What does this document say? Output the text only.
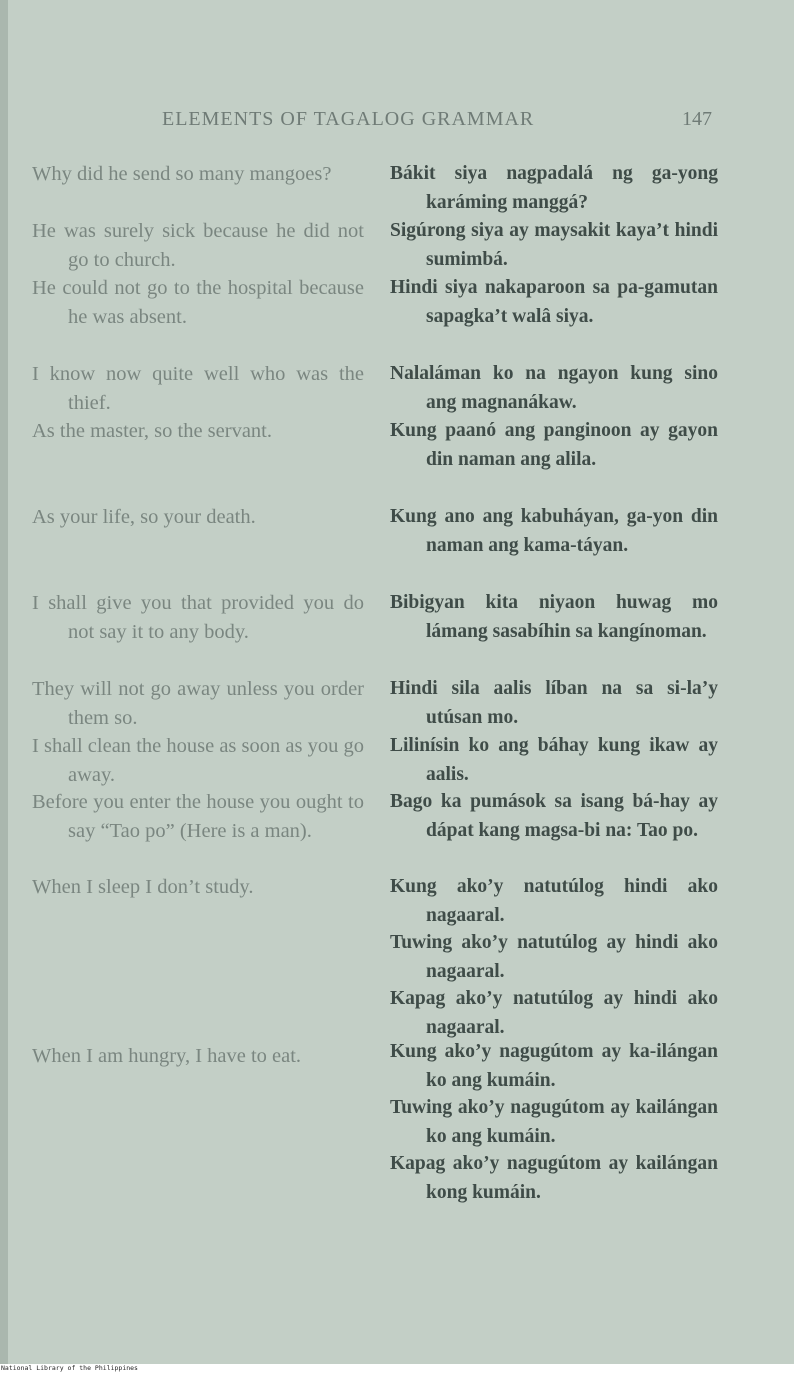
ELEMENTS OF TAGALOG GRAMMAR	147
Why did he send so many mangoes?
He was surely sick because he did not go to church.
He could not go to the hospital because he was absent.
I know now quite well who was the thief.
As the master, so the servant.
As your life, so your death.
I shall give you that provided you do not say it to any body.
They will not go away unless you order them so.
I shall clean the house as soon as you go away.
Before you enter the house you ought to say “Tao po” (Here is a man).
When I sleep I don’t study.
When I am hungry, I have to eat.
Bákit siya nagpadalá ng ga-yong karáming manggá?
Sigúrong siya ay maysakit kaya’t hindi sumimbá.
Hindi siya nakaparoon sa pa-gamutan sapagka’t walâ siya.
Nalaláman ko na ngayon kung sino ang magnanákaw.
Kung paanó ang panginoon ay gayon din naman ang alila.
Kung ano ang kabuháyan, ga-yon din naman ang kama-táyan.
Bibigyan kita niyaon huwag mo lámang sasabíhin sa kangínoman.
Hindi sila aalis líban na sa si-la’y utúsan mo.
Lilinísin ko ang báhay kung ikaw ay aalis.
Bago ka pumások sa isang bá-hay ay dápat kang magsa-bi na: Tao po.
Kung ako’y natutúlog hindi ako nagaaral.
Tuwing ako’y natutúlog ay hindi ako nagaaral.
Kapag ako’y natutúlog ay hindi ako nagaaral.
Kung ako’y nagugútom ay ka-ilángan ko ang kumáin.
Tuwing ako’y nagugútom ay kailángan ko ang kumáin.
Kapag ako’y nagugútom ay kailángan kong kumáin.
National Library of the Philippines
